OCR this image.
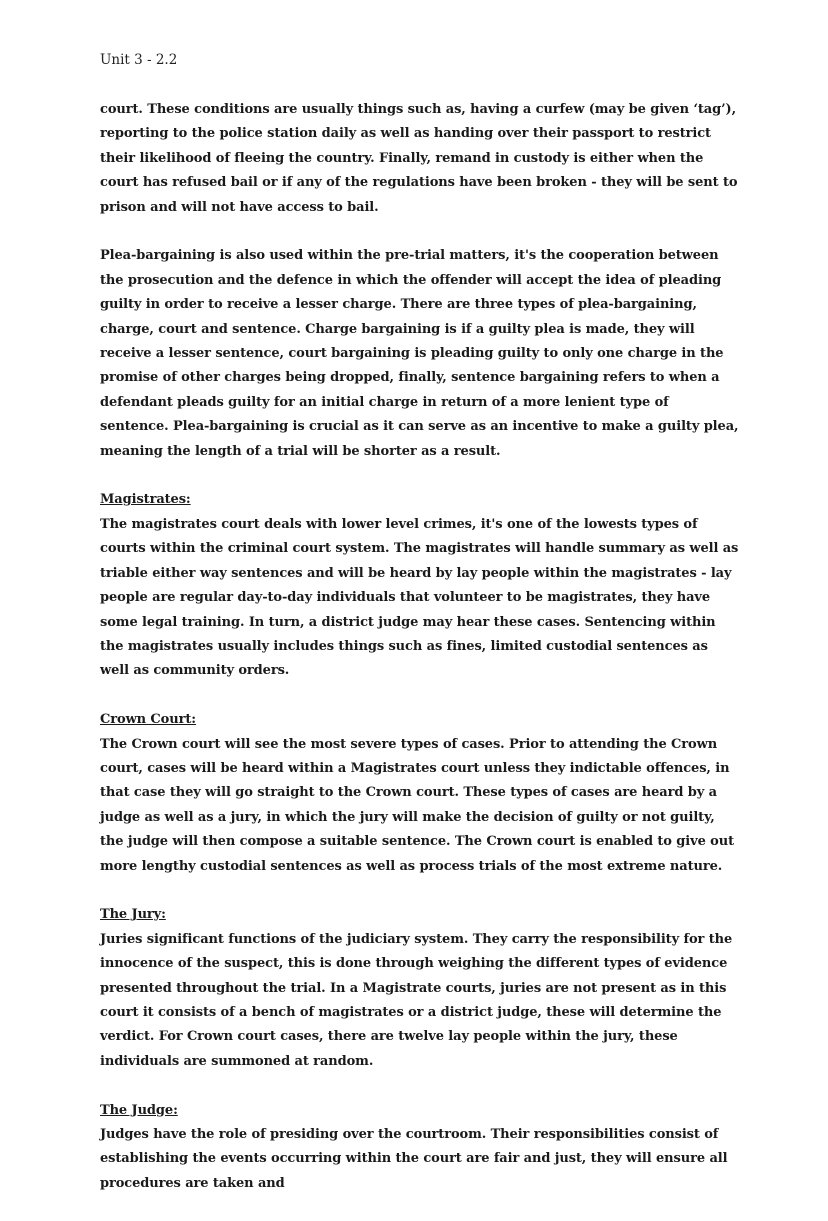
Unit 3 - 2.2

court. These conditions are usually things such as, having a curfew (may be given ‘tag’), reporting to the police station daily as well as handing over their passport to restrict their likelihood of fleeing the country. Finally, remand in custody is either when the court has refused bail or if any of the regulations have been broken - they will be sent to prison and will not have access to bail.

Plea-bargaining is also used within the pre-trial matters, it's the cooperation between the prosecution and the defence in which the offender will accept the idea of pleading guilty in order to receive a lesser charge. There are three types of plea-bargaining, charge, court and sentence. Charge bargaining is if a guilty plea is made, they will receive a lesser sentence, court bargaining is pleading guilty to only one charge in the promise of other charges being dropped, finally, sentence bargaining refers to when a defendant pleads guilty for an initial charge in return of a more lenient type of sentence. Plea-bargaining is crucial as it can serve as an incentive to make a guilty plea, meaning the length of a trial will be shorter as a result.

Magistrates:

The magistrates court deals with lower level crimes, it's one of the lowests types of courts within the criminal court system. The magistrates will handle summary as well as triable either way sentences and will be heard by lay people within the magistrates - lay people are regular day-to-day individuals that volunteer to be magistrates, they have some legal training. In turn, a district judge may hear these cases. Sentencing within the magistrates usually includes things such as fines, limited custodial sentences as well as community orders.

Crown Court:

The Crown court will see the most severe types of cases. Prior to attending the Crown court, cases will be heard within a Magistrates court unless they indictable offences, in that case they will go straight to the Crown court. These types of cases are heard by a judge as well as a jury, in which the jury will make the decision of guilty or not guilty, the judge will then compose a suitable sentence. The Crown court is enabled to give out more lengthy custodial sentences as well as process trials of the most extreme nature.

The Jury:

Juries significant functions of the judiciary system. They carry the responsibility for the innocence of the suspect, this is done through weighing the different types of evidence presented throughout the trial. In a Magistrate courts, juries are not present as in this court it consists of a bench of magistrates or a district judge, these will determine the verdict. For Crown court cases, there are twelve lay people within the jury, these individuals are summoned at random.

The Judge:

Judges have the role of presiding over the courtroom. Their responsibilities consist of establishing the events occurring within the court are fair and just, they will ensure all procedures are taken and
